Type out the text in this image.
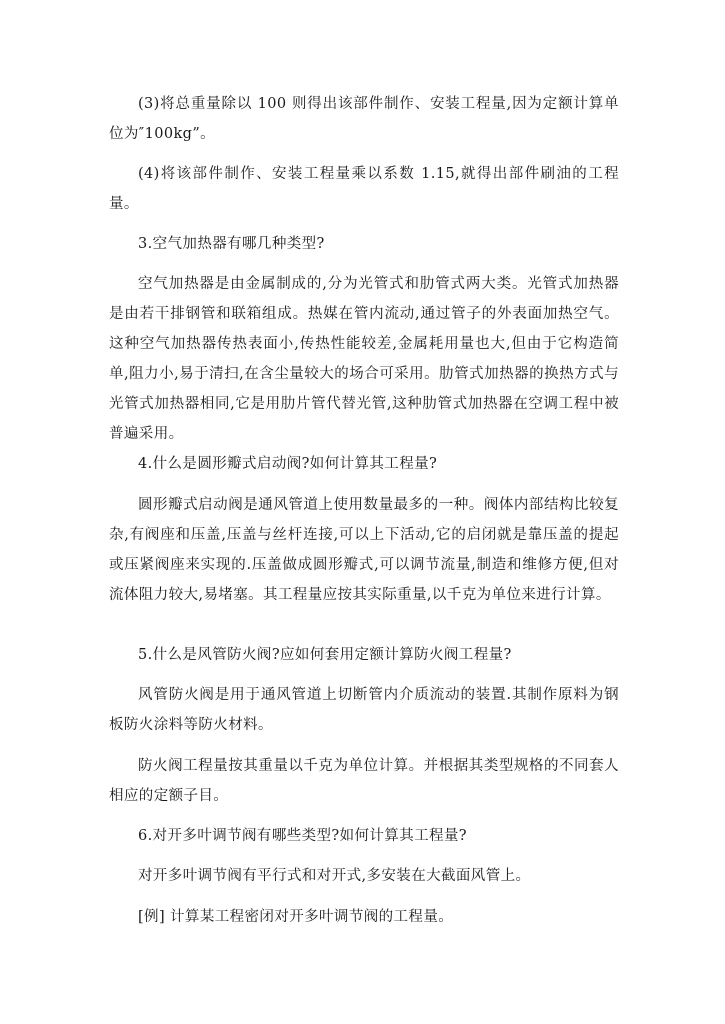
(3)将总重量除以 100 则得出该部件制作、安装工程量,因为定额计算单位为″100kg”。

(4)将该部件制作、安装工程量乘以系数 1.15,就得出部件刷油的工程量。

3.空气加热器有哪几种类型?

空气加热器是由金属制成的,分为光管式和肋管式两大类。光管式加热器是由若干排钢管和联箱组成。热媒在管内流动,通过管子的外表面加热空气。这种空气加热器传热表面小,传热性能较差,金属耗用量也大,但由于它构造简单,阻力小,易于清扫,在含尘量较大的场合可采用。肋管式加热器的换热方式与光管式加热器相同,它是用肋片管代替光管,这种肋管式加热器在空调工程中被普遍采用。

4.什么是圆形瓣式启动阀?如何计算其工程量?

圆形瓣式启动阀是通风管道上使用数量最多的一种。阀体内部结构比较复杂,有阀座和压盖,压盖与丝杆连接,可以上下活动,它的启闭就是靠压盖的提起或压紧阀座来实现的.压盖做成圆形瓣式,可以调节流量,制造和维修方便,但对流体阻力较大,易堵塞。其工程量应按其实际重量,以千克为单位来进行计算。

5.什么是风管防火阀?应如何套用定额计算防火阀工程量?

风管防火阀是用于通风管道上切断管内介质流动的装置.其制作原料为钢板防火涂料等防火材料。

防火阀工程量按其重量以千克为单位计算。并根据其类型规格的不同套人相应的定额子目。

6.对开多叶调节阀有哪些类型?如何计算其工程量?

对开多叶调节阀有平行式和对开式,多安装在大截面风管上。

[例] 计算某工程密闭对开多叶调节阀的工程量。
